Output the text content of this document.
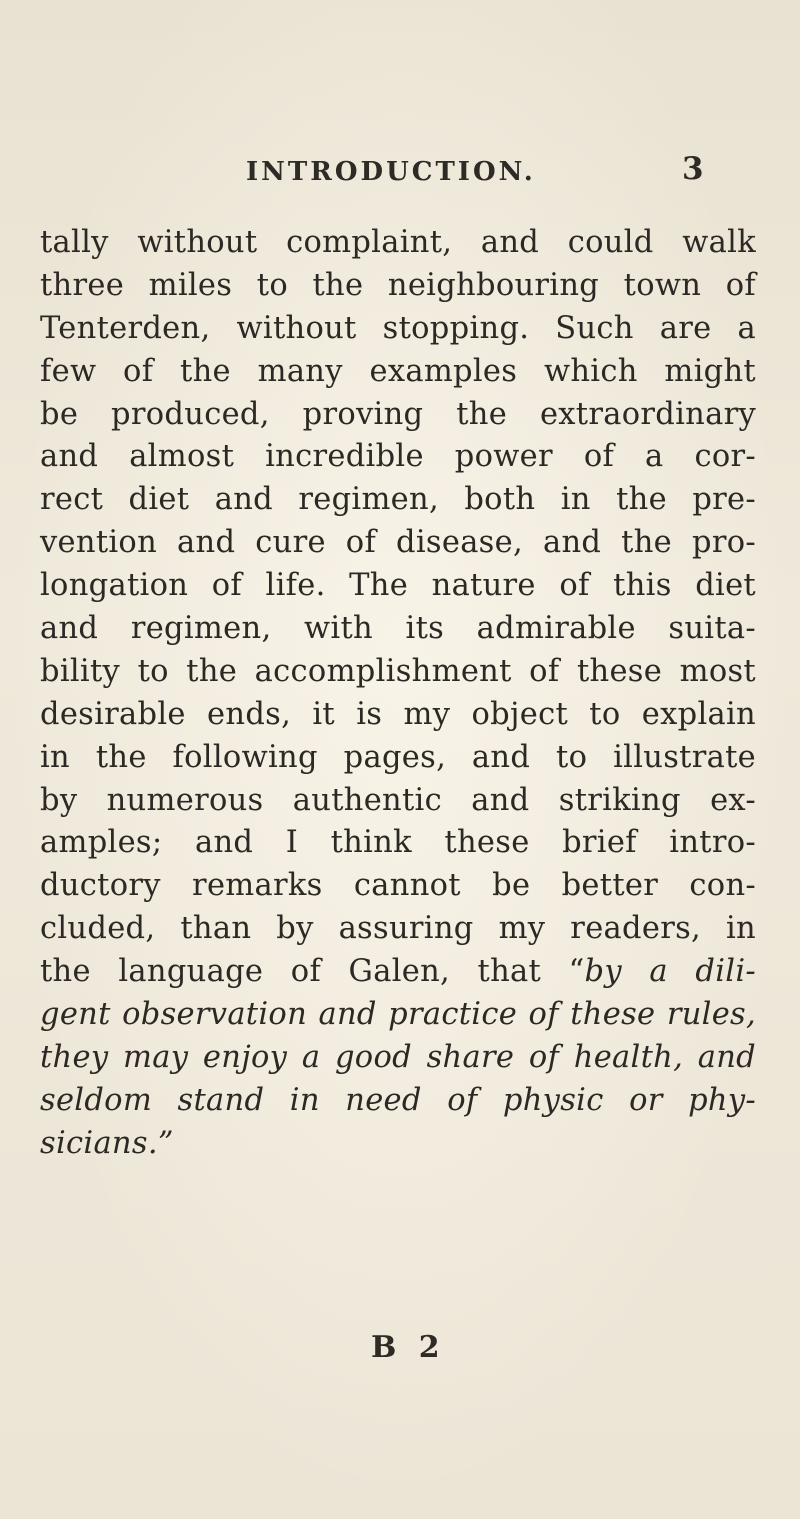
INTRODUCTION.	3
tally without complaint, and could walk
three miles to the neighbouring town of
Tenterden, without stopping. Such are a
few of the many examples which might
be produced, proving the extraordinary
and almost incredible power of a cor-
rect diet and regimen, both in the pre-
vention and cure of disease, and the pro-
longation of life. The nature of this diet
and regimen, with its admirable suita-
bility to the accomplishment of these most
desirable ends, it is my object to explain
in the following pages, and to illustrate
by numerous authentic and striking ex-
amples; and I think these brief intro-
ductory remarks cannot be better con-
cluded, than by assuring my readers, in
the language of Galen, that “by a dili-
gent observation and practice of these rules,
they may enjoy a good share of health, and
seldom stand in need of physic or phy-
sicians.”
B 2
